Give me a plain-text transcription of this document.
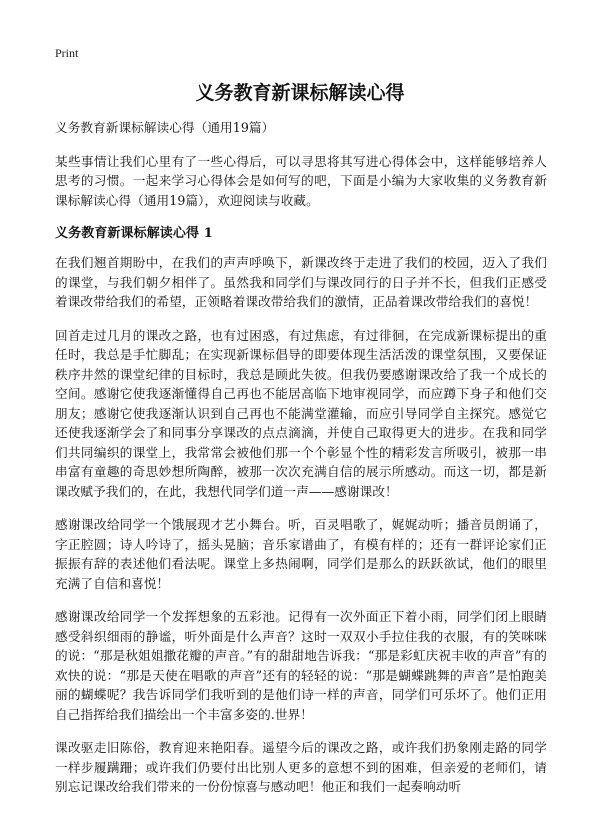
Print
义务教育新课标解读心得

义务教育新课标解读心得（通用19篇）

某些事情让我们心里有了一些心得后，可以寻思将其写进心得体会中，这样能够培养人思考的习惯。一起来学习心得体会是如何写的吧，下面是小编为大家收集的义务教育新课标解读心得（通用19篇），欢迎阅读与收藏。

义务教育新课标解读心得 1

在我们翘首期盼中，在我们的声声呼唤下，新课改终于走进了我们的校园，迈入了我们的课堂，与我们朝夕相伴了。虽然我和同学们与课改同行的日子并不长，但我们正感受着课改带给我们的希望，正领略着课改带给我们的激情，正品着课改带给我们的喜悦！

回首走过几月的课改之路，也有过困惑，有过焦虑，有过徘徊，在完成新课标提出的重任时，我总是手忙脚乱；在实现新课标倡导的即要体现生活活泼的课堂氛围，又要保证秩序井然的课堂纪律的目标时，我总是顾此失彼。但我仍要感谢课改给了我一个成长的空间。感谢它使我逐渐懂得自己再也不能居高临下地审视同学，而应蹲下身子和他们交朋友；感谢它使我逐渐认识到自己再也不能满堂灌输，而应引导同学自主探究。感觉它还使我逐渐学会了和同事分享课改的点点滴滴，并使自己取得更大的进步。在我和同学们共同编织的课堂上，我常常会被他们那一个个彰显个性的精彩发言所吸引，被那一串串富有童趣的奇思妙想所陶醉，被那一次次充满自信的展示所感动。而这一切，都是新课改赋予我们的，在此，我想代同学们道一声——感谢课改！

感谢课改给同学一个饿展现才艺小舞台。听，百灵唱歌了，娓娓动听；播音员朗诵了，字正腔圆；诗人吟诗了，摇头晃脑；音乐家谱曲了，有模有样的；还有一群评论家们正振振有辞的表述他们看法呢。课堂上多热闹啊，同学们是那么的跃跃欲试，他们的眼里充满了自信和喜悦！

感谢课改给同学一个发挥想象的五彩池。记得有一次外面正下着小雨，同学们闭上眼睛感受斜织细雨的静谧，听外面是什么声音？这时一双双小手拉住我的衣服，有的笑咪咪的说：“那是秋姐姐撒花瓣的声音。”有的甜甜地告诉我：“那是彩虹庆祝丰收的声音”有的欢快的说：“那是天使在唱歌的声音”还有的轻轻的说：“那是蝴蝶跳舞的声音”是怕跑美丽的蝴蝶呢？我告诉同学们我听到的是他们诗一样的声音，同学们可乐坏了。他们正用自己指挥给我们描绘出一个丰富多姿的.世界！

课改驱走旧陈俗，教育迎来艳阳春。遥望今后的课改之路，或许我们扔象刚走路的同学一样步履蹒跚；或许我们仍要付出比别人更多的意想不到的困难，但亲爱的老师们，请别忘记课改给我们带来的一份份惊喜与感动吧！他正和我们一起奏响动听
